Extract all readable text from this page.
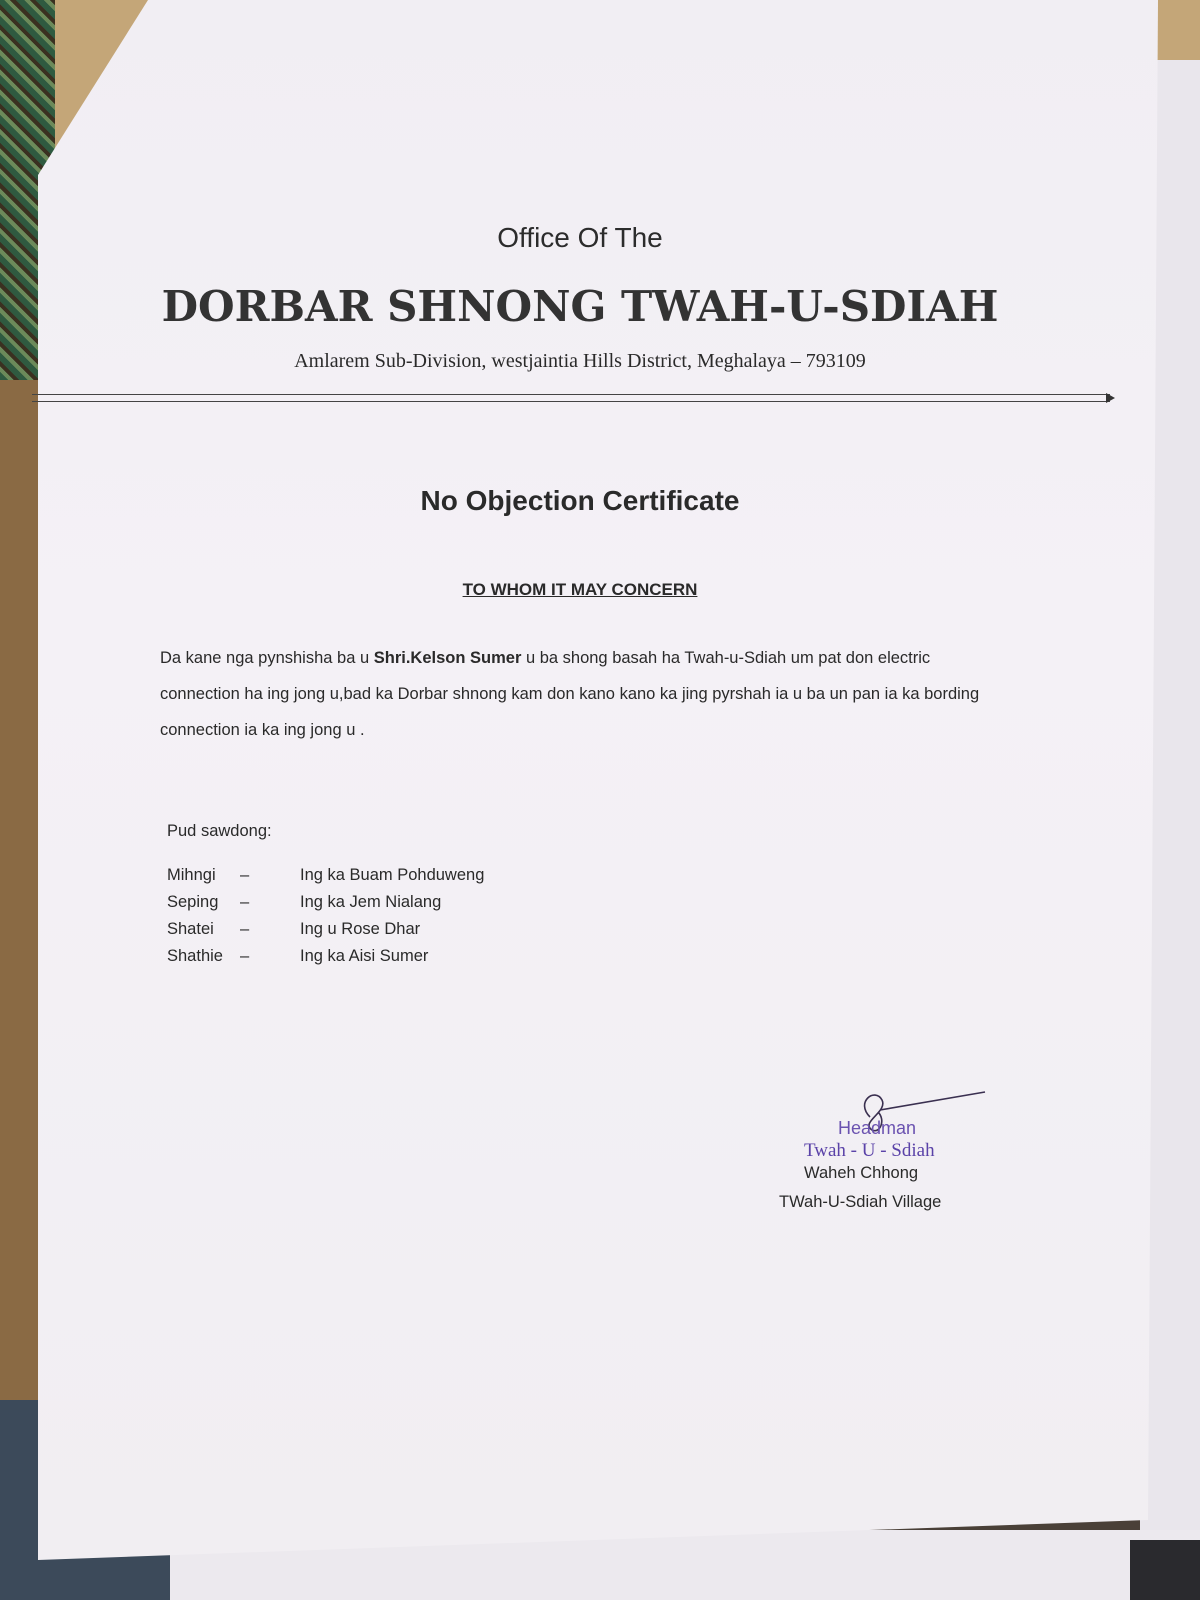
Office Of The
DORBAR SHNONG TWAH-U-SDIAH
Amlarem Sub-Division, westjaintia Hills District, Meghalaya – 793109
No Objection Certificate
TO WHOM IT MAY CONCERN
Da kane nga pynshisha ba u Shri.Kelson Sumer u ba shong basah ha Twah-u-Sdiah um pat don electric connection ha ing jong u,bad ka Dorbar shnong kam don kano kano ka jing pyrshah ia u ba un pan ia ka bording connection ia ka ing jong u .
Pud sawdong:
Mihngi –	Ing ka Buam Pohduweng
Seping –	Ing ka Jem Nialang
Shatei –	Ing u Rose Dhar
Shathie –	Ing ka Aisi Sumer
Headman
Twah - U - Sdiah
Waheh Chhong
TWah-U-Sdiah Village
